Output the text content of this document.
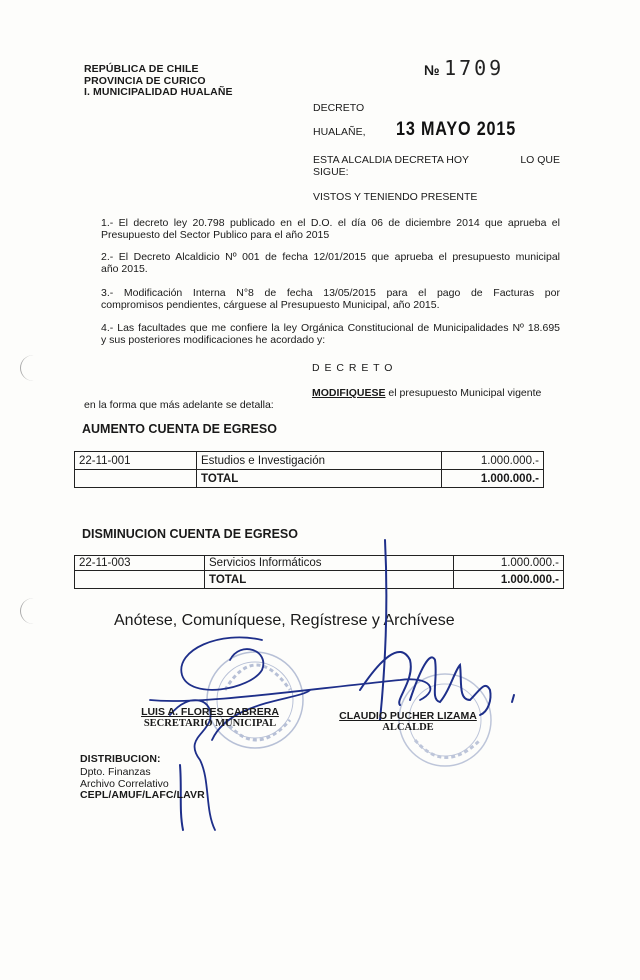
REPÚBLICA DE CHILE
PROVINCIA DE CURICO
I. MUNICIPALIDAD HUALAÑE
№ 1709
DECRETO
HUALAÑE, 13 MAYO 2015
ESTA ALCALDIA DECRETA HOY	LO QUE
SIGUE:
VISTOS Y TENIENDO PRESENTE
1.- El decreto ley 20.798 publicado en el D.O. el día 06 de diciembre 2014 que aprueba el
Presupuesto del Sector Publico para el año 2015
2.- El Decreto Alcaldicio Nº 001 de fecha 12/01/2015 que aprueba el presupuesto municipal
año 2015.
3.- Modificación Interna N°8 de fecha 13/05/2015 para el pago de Facturas por
compromisos pendientes, cárguese al Presupuesto Municipal, año 2015.
4.- Las facultades que me confiere la ley Orgánica Constitucional de Municipalidades Nº 18.695
y sus posteriores modificaciones he acordado y:
D E C R E T O
MODIFIQUESE el presupuesto Municipal vigente
en la forma que más adelante se detalla:
AUMENTO CUENTA DE EGRESO
22-11-001	Estudios e Investigación	1.000.000.-
	TOTAL	1.000.000.-
DISMINUCION CUENTA DE EGRESO
22-11-003	Servicios Informáticos	1.000.000.-
	TOTAL	1.000.000.-
Anótese, Comuníquese, Regístrese y Archívese
LUIS A. FLORES CABRERA
SECRETARIO MUNICIPAL
CLAUDIO PUCHER LIZAMA
ALCALDE
DISTRIBUCION:
Dpto. Finanzas
Archivo Correlativo
CEPL/AMUF/LAFC/LAVR
